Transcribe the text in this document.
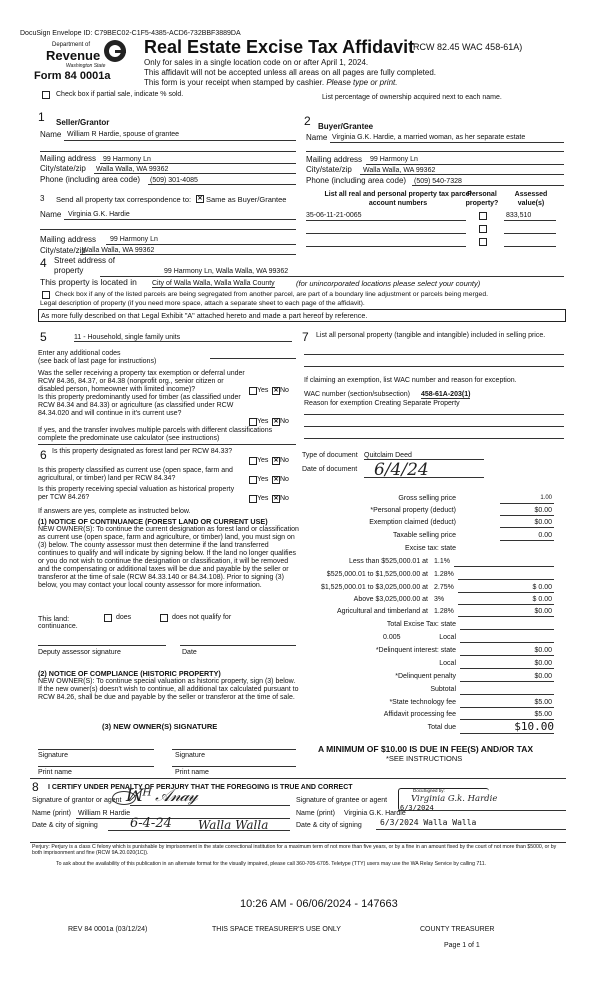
DocuSign Envelope ID: C79BEC02-C1F5-4385-ACD6-732BBF3889DA
Department of
Revenue
Washington State
Form 84 0001a
Real Estate Excise Tax Affidavit
(RCW 82.45 WAC 458-61A)
Only for sales in a single location code on or after April 1, 2024.
This affidavit will not be accepted unless all areas on all pages are fully completed.
This form is your receipt when stamped by cashier. Please type or print.
Check box if partial sale, indicate % sold.	List percentage of ownership acquired next to each name.
1 Seller/Grantor
Name William R Hardie, spouse of grantee
Mailing address 99 Harmony Ln
City/state/zip Walla Walla, WA 99362
Phone (including area code) (509) 301-4085
2 Buyer/Grantee
Name Virginia G.K. Hardie, a married woman, as her separate estate
Mailing address 99 Harmony Ln
City/state/zip Walla Walla, WA 99362
Phone (including area code) (509) 540-7328
3 Send all property tax correspondence to: ✕ Same as Buyer/Grantee
Name Virginia G.K. Hardie
Mailing address 99 Harmony Ln
City/state/zip
Walla Walla, WA 99362
List all real and personal property tax parcel account numbers
Personal property?
Assessed value(s)
35-06-11-21-0065	833,510
4 Street address of
property	99 Harmony Ln, Walla Walla, WA 99362
This property is located in City of Walla Walla, Walla Walla County	(for unincorporated locations please select your county)
Check box if any of the listed parcels are being segregated from another parcel, are part of a boundary line adjustment or parcels being merged.
Legal description of property (if you need more space, attach a separate sheet to each page of the affidavit).
As more fully described on that Legal Exhibit "A" attached hereto and made a part hereof by reference.
5	11 - Household, single family units
Enter any additional codes
(see back of last page for instructions)
Was the seller receiving a property tax exemption or deferral under RCW 84.36, 84.37, or 84.38 (nonprofit org., senior citizen or disabled person, homeowner with limited income)?	Yes ✕ No
Is this property predominantly used for timber (as classified under RCW 84.34 and 84.33) or agriculture (as classified under RCW 84.34.020 and will continue in it's current use?
Yes ✕ No
If yes, and the transfer involves multiple parcels with different classifications complete the predominate use calculator (see instructions)
6 Is this property designated as forest land per RCW 84.33?
Yes ✕ No
Is this property classified as current use (open space, farm and agricultural, or timber) land per RCW 84.34?	Yes ✕ No
Is this property receiving special valuation as historical property per TCW 84.26?	Yes ✕ No
If answers are yes, complete as instructed below.
(1) NOTICE OF CONTINUANCE (FOREST LAND OR CURRENT USE)
NEW OWNER(S): To continue the current designation as forest land or classification as current use (open space, farm and agriculture, or timber) land, you must sign on (3) below. The county assessor must then determine if the land transferred continues to qualify and will indicate by signing below. If the land no longer qualifies or you do not wish to continue the designation or classification, it will be removed and the compensating or additional taxes will be due and payable by the seller or transferor at the time of sale (RCW 84.33.140 or 84.34.108). Prior to signing (3) below, you may contact your local county assessor for more information.
This land:	does	does not qualify for
continuance.
Deputy assessor signature	Date
(2) NOTICE OF COMPLIANCE (HISTORIC PROPERTY)
NEW OWNER(S): To continue special valuation as historic property, sign (3) below. If the new owner(s) doesn't wish to continue, all additional tax calculated pursuant to RCW 84.26, shall be due and payable by the seller or transferor at the time of sale.
(3) NEW OWNER(S) SIGNATURE
Signature	Signature
Print name	Print name
7 List all personal property (tangible and intangible) included in selling price.
If claiming an exemption, list WAC number and reason for exception.
WAC number (section/subsection) 458-61A-203(1)
Reason for exemption Creating Separate Property
Type of document Quitclaim Deed
Date of document 6/4/24
Gross selling price	1.00
*Personal property (deduct)	$0.00
Exemption claimed (deduct)	$0.00
Taxable selling price	0.00
Excise tax: state
Less than $525,000.01 at 1.1%
$525,000.01 to $1,525,000.00 at 1.28%
$1,525,000.01 to $3,025,000.00 at 2.75%	$ 0.00
Above $3,025,000.00 at 3%	$ 0.00
Agricultural and timberland at 1.28%	$0.00
Total Excise Tax: state
0.005	Local
*Delinquent interest: state	$0.00
Local	$0.00
*Delinquent penalty	$0.00
Subtotal
*State technology fee	$5.00
Affidavit processing fee	$5.00
Total due	$10.00
A MINIMUM OF $10.00 IS DUE IN FEE(S) AND/OR TAX
*SEE INSTRUCTIONS
8 I CERTIFY UNDER PENALTY OF PERJURY THAT THE FOREGOING IS TRUE AND CORRECT
Signature of grantor or agent ꟽ̸ᴴ 𝒜𝓃𝒶𝓎
Name (print) William R Hardie
Date & city of signing 6-4-24 Walla Walla
Signature of grantee or agent
DocuSigned by:
Virginia G.k. Hardie
Name (print) Virginia G.K. Hardie
6/3/2024
Date & city of signing 6/3/2024 Walla Walla
Perjury: Perjury is a class C felony which is punishable by imprisonment in the state correctional institution for a maximum term of not more than five years, or by a fine in an amount fixed by the court of not more than $5000, or by both imprisonment and fine (RCW 9A.20.020(1C)).
To ask about the availability of this publication in an alternate format for the visually impaired, please call 360-705-6705. Teletype (TTY) users may use the WA Relay Service by calling 711.
10:26 AM - 06/06/2024 - 147663
REV 84 0001a (03/12/24)	THIS SPACE TREASURER'S USE ONLY	COUNTY TREASURER
Page 1 of 1
